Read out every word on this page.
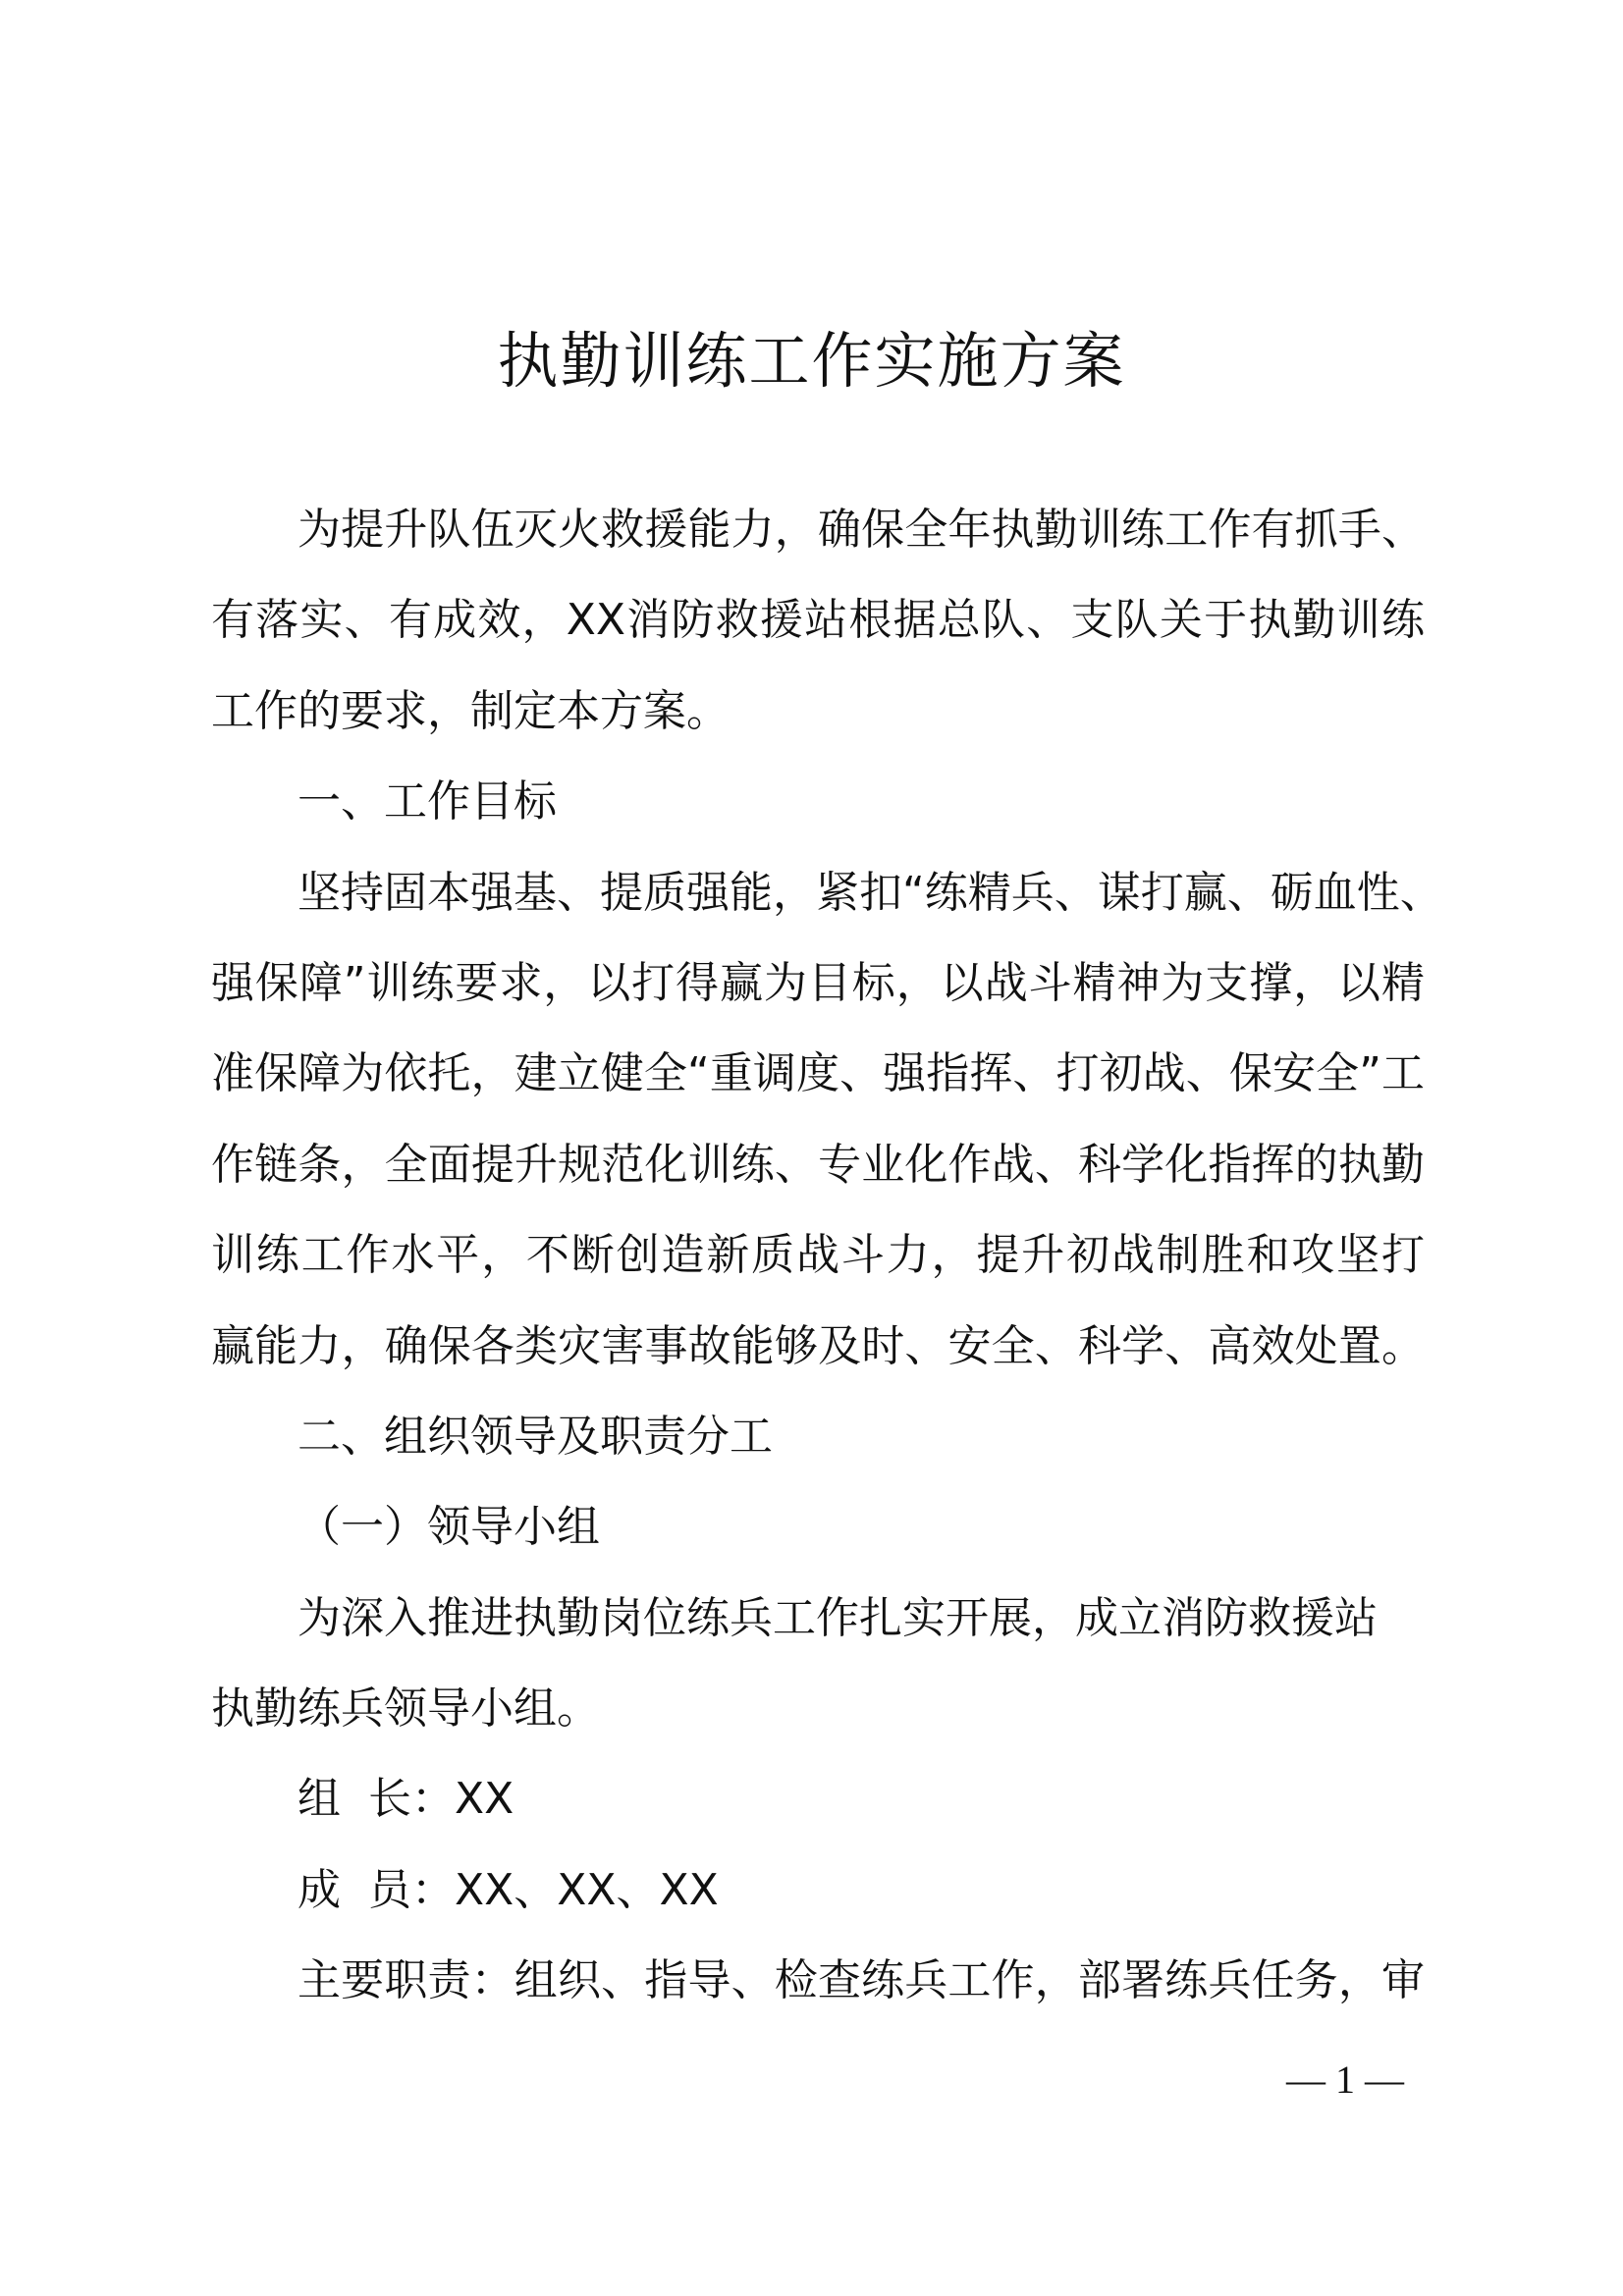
执勤训练工作实施方案
为提升队伍灭火救援能力，确保全年执勤训练工作有抓手、
有落实、有成效，XX消防救援站根据总队、支队关于执勤训练
工作的要求，制定本方案。
一、工作目标
坚持固本强基、提质强能，紧扣“练精兵、谋打赢、砺血性、
强保障”训练要求，以打得赢为目标，以战斗精神为支撑，以精
准保障为依托，建立健全“重调度、强指挥、打初战、保安全”工
作链条，全面提升规范化训练、专业化作战、科学化指挥的执勤
训练工作水平，不断创造新质战斗力，提升初战制胜和攻坚打
赢能力，确保各类灾害事故能够及时、安全、科学、高效处置。
二、组织领导及职责分工
（一）领导小组
为深入推进执勤岗位练兵工作扎实开展，成立消防救援站
执勤练兵领导小组。
组  长：XX
成  员：XX、XX、XX
主要职责：组织、指导、检查练兵工作，部署练兵任务，审
— 1 —
